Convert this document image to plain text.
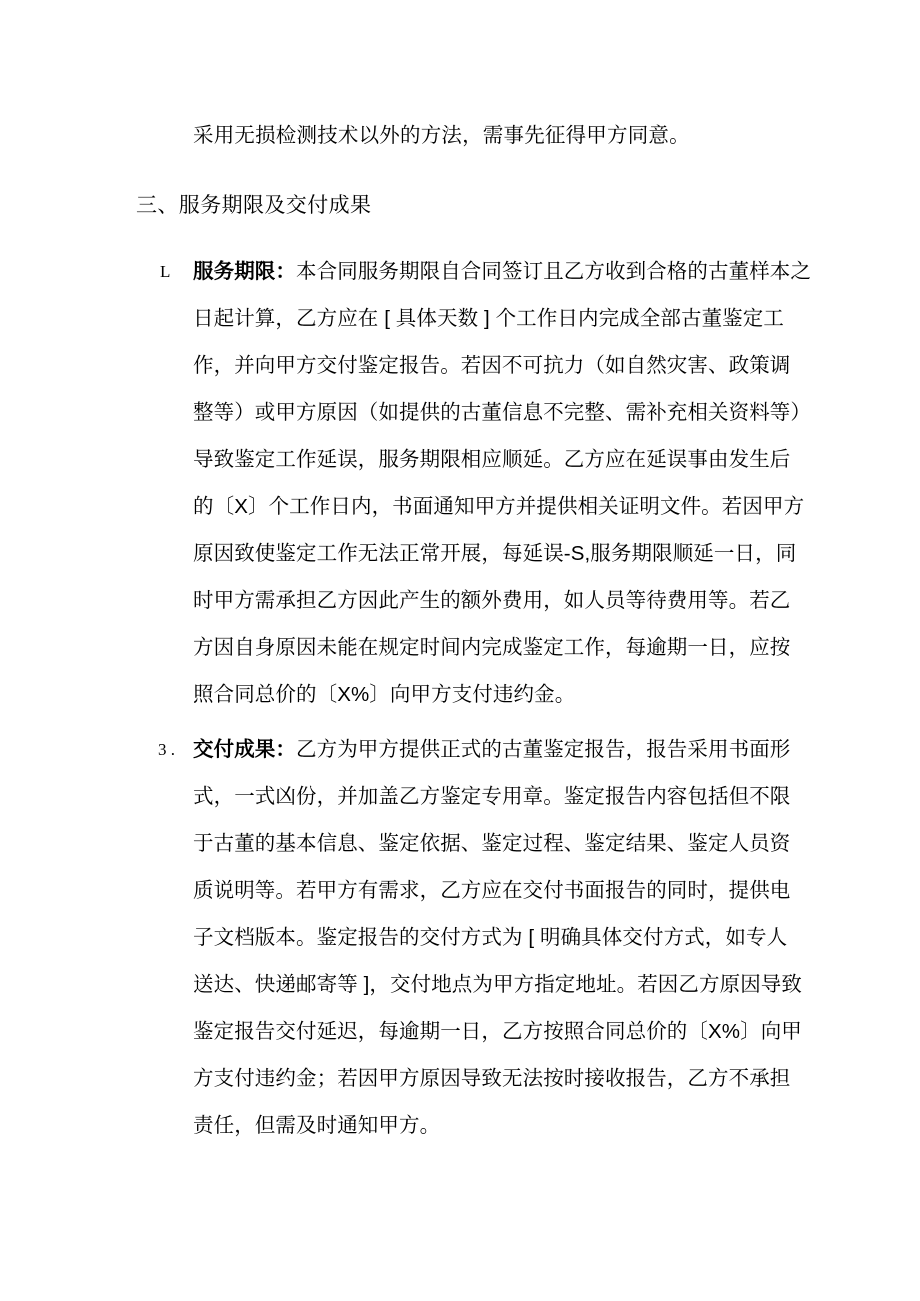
采用无损检测技术以外的方法，需事先征得甲方同意。
三、服务期限及交付成果
L	服务期限：本合同服务期限自合同签订且乙方收到合格的古董样本之
日起计算，乙方应在 [ 具体天数 ] 个工作日内完成全部古董鉴定工
作，并向甲方交付鉴定报告。若因不可抗力（如自然灾害、政策调
整等）或甲方原因（如提供的古董信息不完整、需补充相关资料等）
导致鉴定工作延误，服务期限相应顺延。乙方应在延误事由发生后
的〔X〕个工作日内，书面通知甲方并提供相关证明文件。若因甲方
原因致使鉴定工作无法正常开展，每延误-S,服务期限顺延一日，同
时甲方需承担乙方因此产生的额外费用，如人员等待费用等。若乙
方因自身原因未能在规定时间内完成鉴定工作，每逾期一日，应按
照合同总价的〔X%〕向甲方支付违约金。
3 . 交付成果：乙方为甲方提供正式的古董鉴定报告，报告采用书面形
式，一式凶份，并加盖乙方鉴定专用章。鉴定报告内容包括但不限
于古董的基本信息、鉴定依据、鉴定过程、鉴定结果、鉴定人员资
质说明等。若甲方有需求，乙方应在交付书面报告的同时，提供电
子文档版本。鉴定报告的交付方式为 [ 明确具体交付方式，如专人
送达、快递邮寄等 ]，交付地点为甲方指定地址。若因乙方原因导致
鉴定报告交付延迟，每逾期一日，乙方按照合同总价的〔X%〕向甲
方支付违约金；若因甲方原因导致无法按时接收报告，乙方不承担
责任，但需及时通知甲方。
